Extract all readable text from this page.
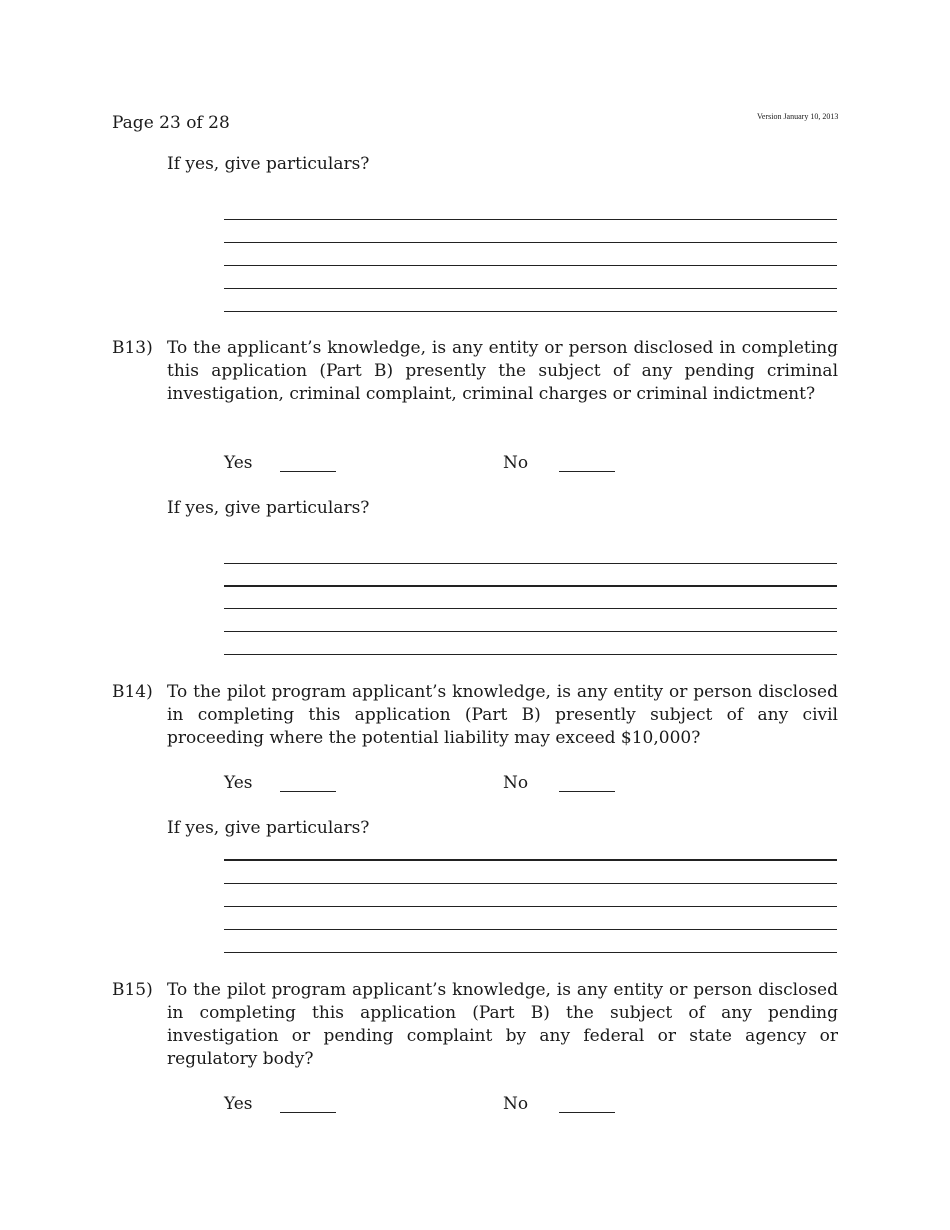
Page 23 of 28	Version January 10, 2013
If yes, give particulars?
B13) To the applicant’s knowledge, is any entity or person disclosed in completing this application (Part B) presently the subject of any pending criminal investigation, criminal complaint, criminal charges or criminal indictment?

Yes	No
If yes, give particulars?
B14) To the pilot program applicant’s knowledge, is any entity or person disclosed in completing this application (Part B) presently subject of any civil proceeding where the potential liability may exceed $10,000?

Yes	No
If yes, give particulars?
B15) To the pilot program applicant’s knowledge, is any entity or person disclosed in completing this application (Part B) the subject of any pending investigation or pending complaint by any federal or state agency or regulatory body?

Yes	No
